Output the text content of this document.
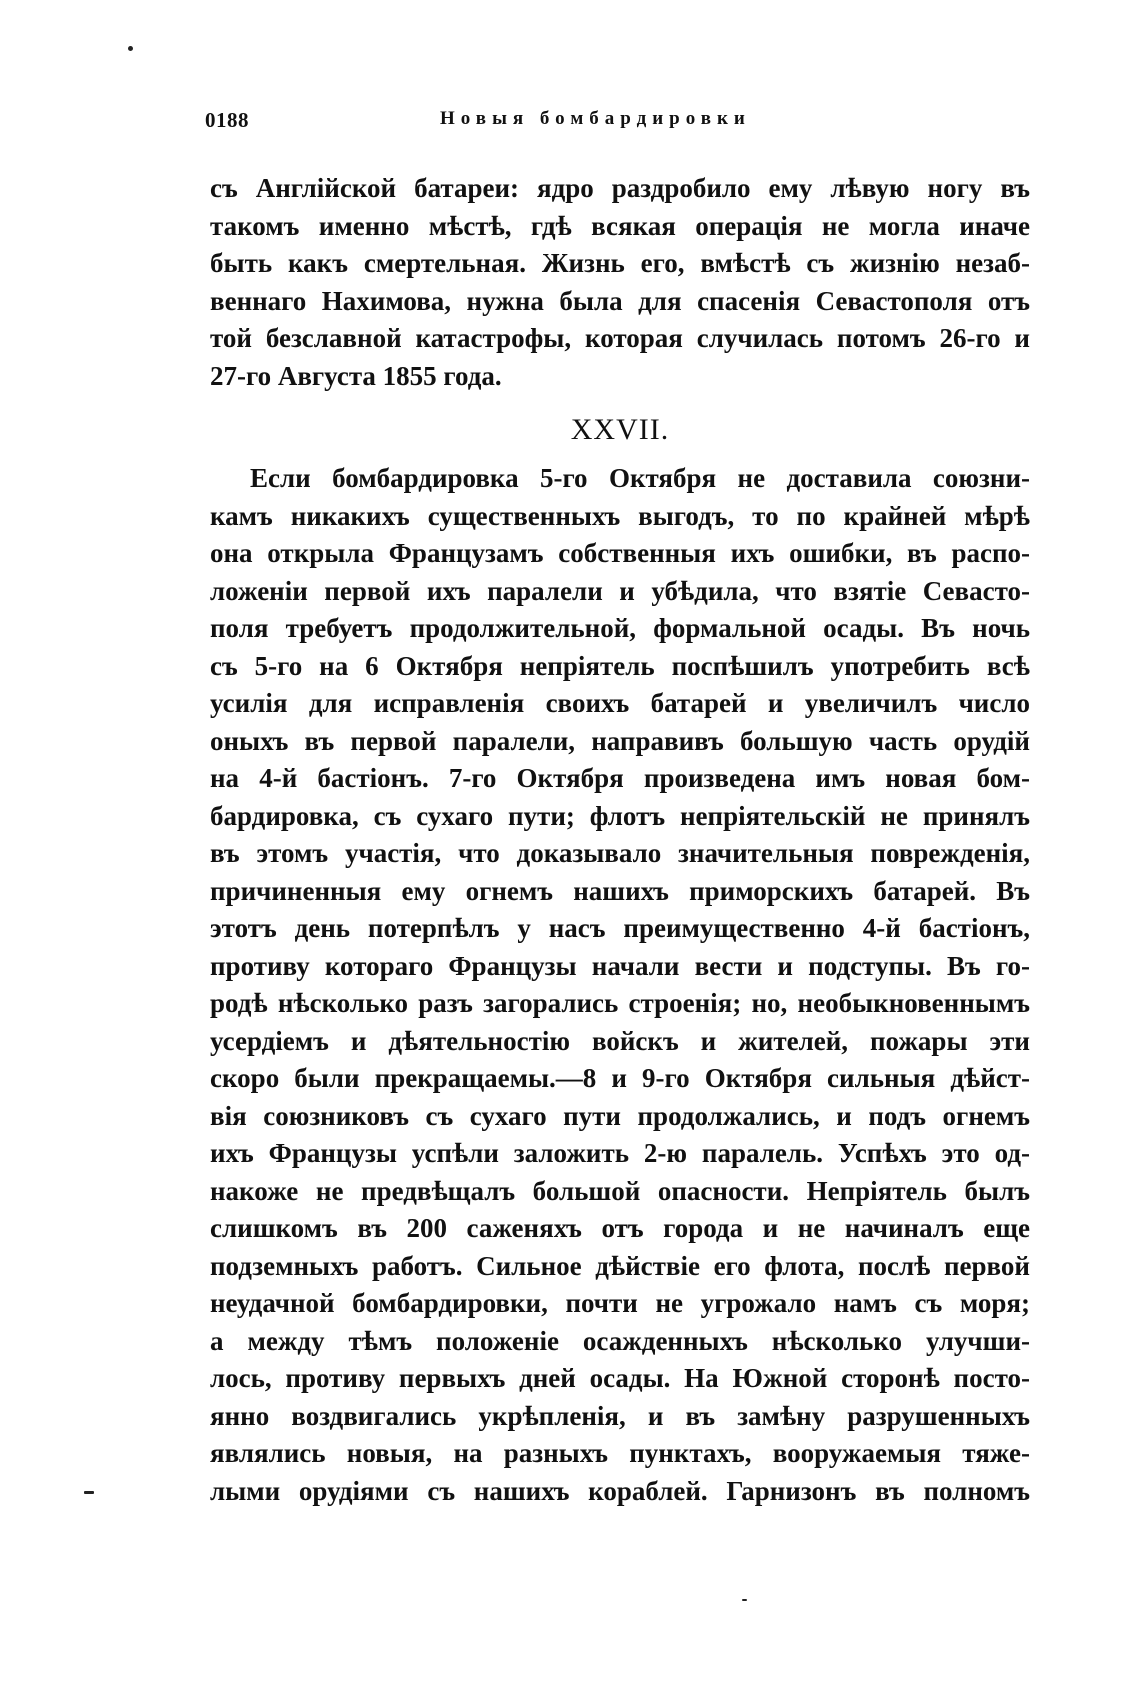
0188	Новыя бомбардировки
съ Англійской батареи: ядро раздробило ему лѣвую ногу въ
такомъ именно мѣстѣ, гдѣ всякая операція не могла иначе
быть какъ смертельная. Жизнь его, вмѣстѣ съ жизнію незаб-
веннаго Нахимова, нужна была для спасенія Севастополя отъ
той безславной катастрофы, которая случилась потомъ 26-го и
27-го Августа 1855 года.
XXVII.
Если бомбардировка 5-го Октября не доставила союзни-
камъ никакихъ существенныхъ выгодъ, то по крайней мѣрѣ
она открыла Французамъ собственныя ихъ ошибки, въ распо-
ложеніи первой ихъ паралели и убѣдила, что взятіе Севасто-
поля требуетъ продолжительной, формальной осады. Въ ночь
съ 5-го на 6 Октября непріятель поспѣшилъ употребить всѣ
усилія для исправленія своихъ батарей и увеличилъ число
оныхъ въ первой паралели, направивъ большую часть орудій
на 4-й бастіонъ. 7-го Октября произведена имъ новая бом-
бардировка, съ сухаго пути; флотъ непріятельскій не принялъ
въ этомъ участія, что доказывало значительныя поврежденія,
причиненныя ему огнемъ нашихъ приморскихъ батарей. Въ
этотъ день потерпѣлъ у насъ преимущественно 4-й бастіонъ,
противу котораго Французы начали вести и подступы. Въ го-
родѣ нѣсколько разъ загорались строенія; но, необыкновеннымъ
усердіемъ и дѣятельностію войскъ и жителей, пожары эти
скоро были прекращаемы.—8 и 9-го Октября сильныя дѣйст-
вія союзниковъ съ сухаго пути продолжались, и подъ огнемъ
ихъ Французы успѣли заложить 2-ю паралель. Успѣхъ это од-
накоже не предвѣщалъ большой опасности. Непріятель былъ
слишкомъ въ 200 саженяхъ отъ города и не начиналъ еще
подземныхъ работъ. Сильное дѣйствіе его флота, послѣ первой
неудачной бомбардировки, почти не угрожало намъ съ моря;
а между тѣмъ положеніе осажденныхъ нѣсколько улучши-
лось, противу первыхъ дней осады. На Южной сторонѣ посто-
янно воздвигались укрѣпленія, и въ замѣну разрушенныхъ
являлись новыя, на разныхъ пунктахъ, вооружаемыя тяже-
лыми орудіями съ нашихъ кораблей. Гарнизонъ въ полномъ
